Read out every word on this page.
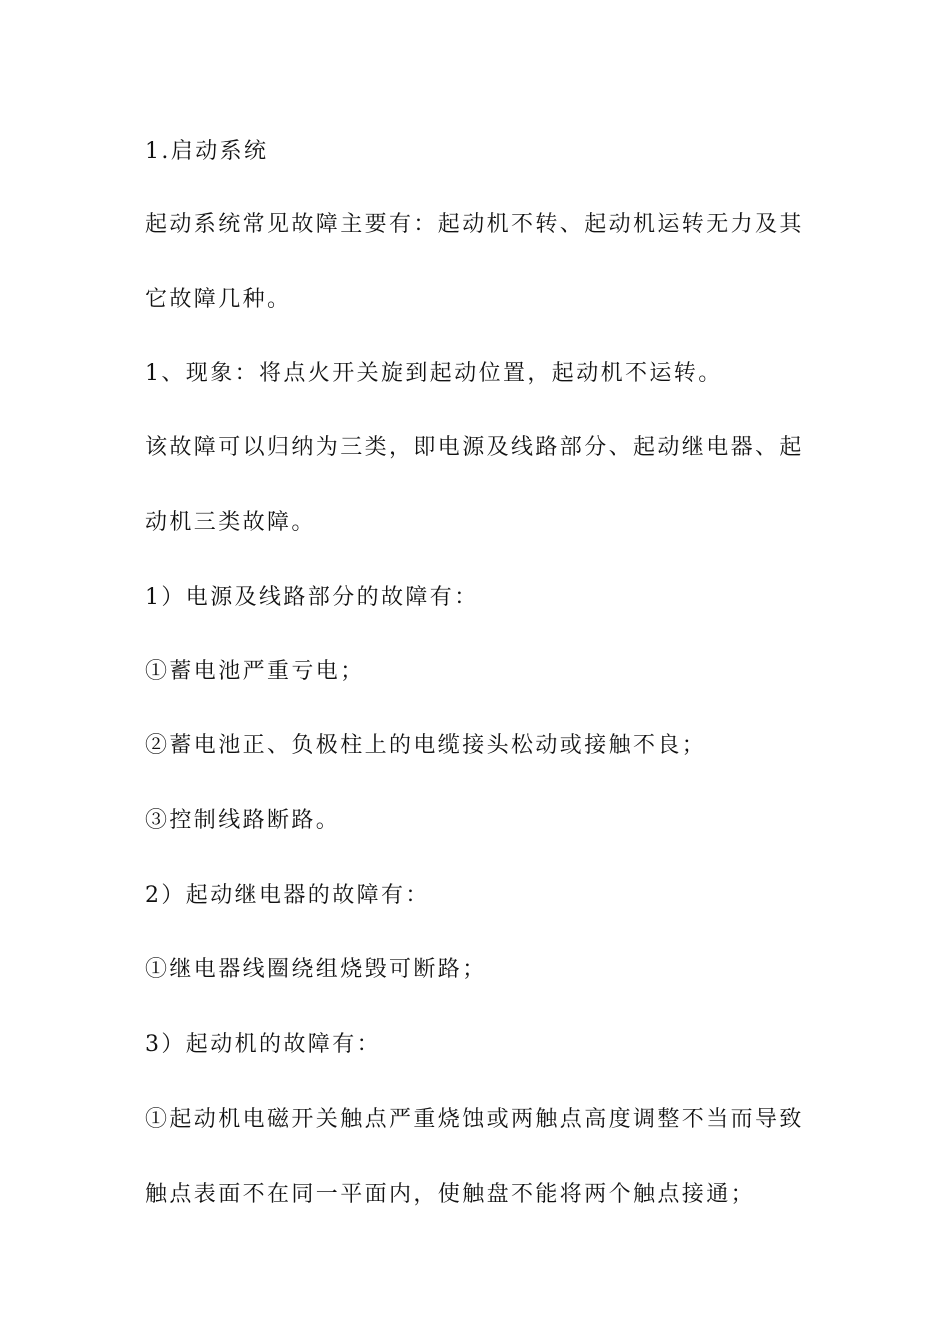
1.启动系统
起动系统常见故障主要有：起动机不转、起动机运转无力及其
它故障几种。
1、现象：将点火开关旋到起动位置，起动机不运转。
该故障可以归纳为三类，即电源及线路部分、起动继电器、起
动机三类故障。
1）电源及线路部分的故障有：
①蓄电池严重亏电；
②蓄电池正、负极柱上的电缆接头松动或接触不良；
③控制线路断路。
2）起动继电器的故障有：
①继电器线圈绕组烧毁可断路；
3）起动机的故障有：
①起动机电磁开关触点严重烧蚀或两触点高度调整不当而导致
触点表面不在同一平面内，使触盘不能将两个触点接通；
